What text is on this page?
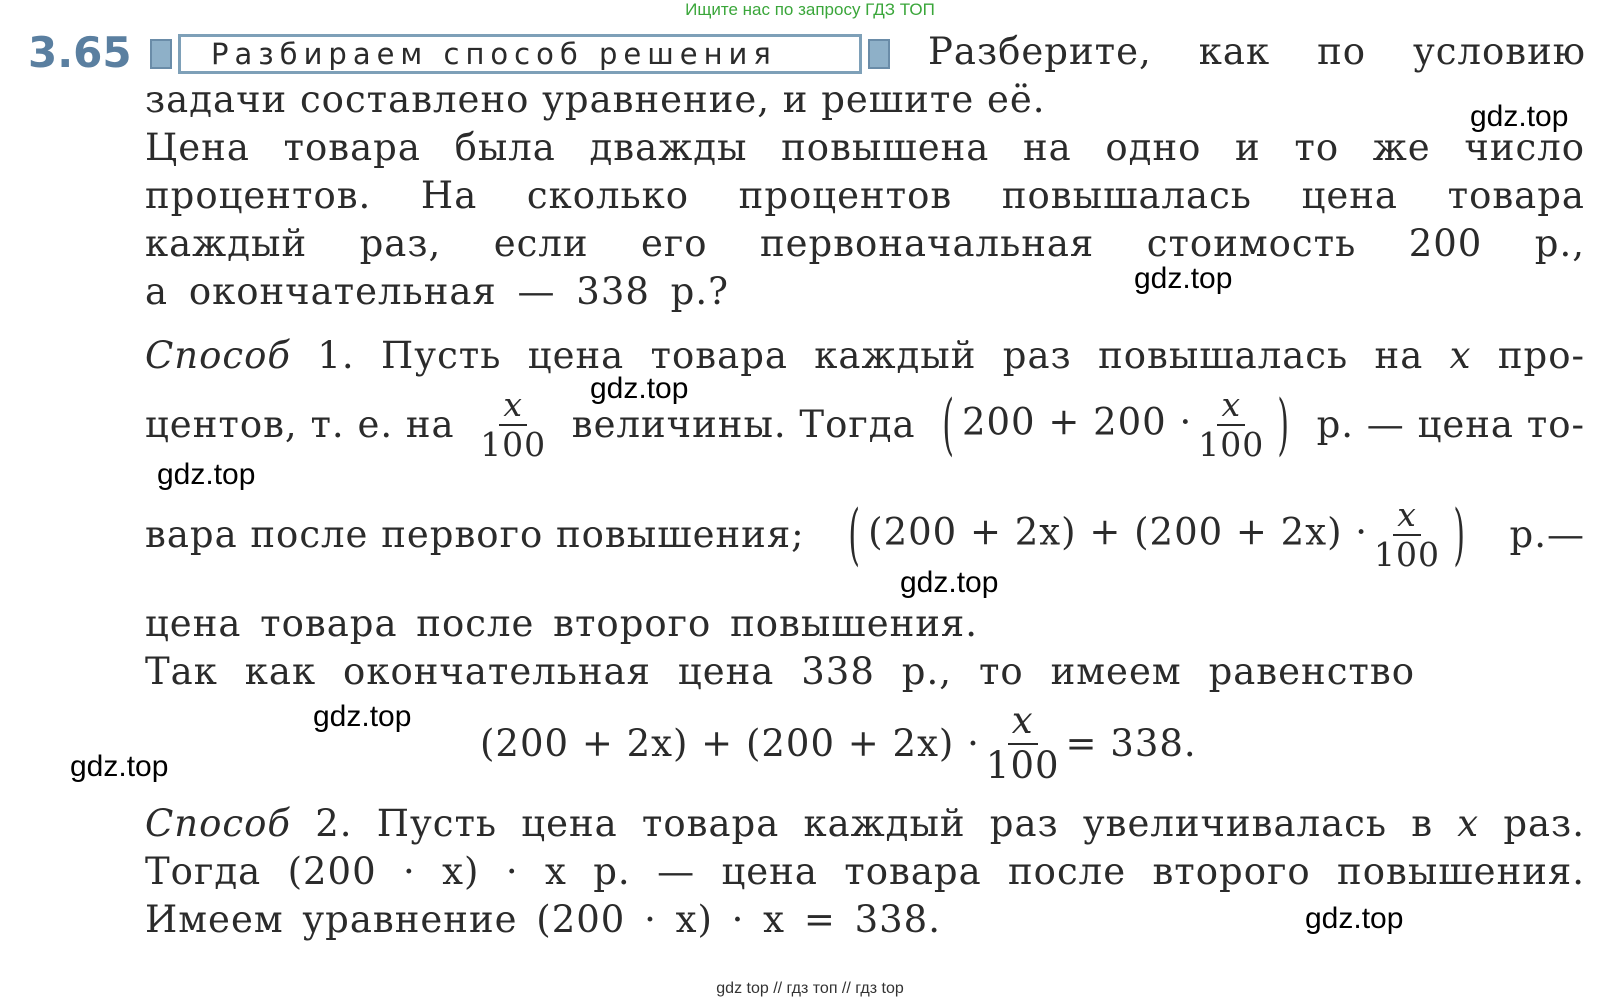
Ищите нас по запросу ГДЗ ТОП
3.65	Разбираем способ решения	Разберите, как по условию
задачи составлено уравнение, и решите её.
Цена товара была дважды повышена на одно и то же число
процентов. На сколько процентов повышалась цена товара
каждый раз, если его первоначальная стоимость 200 р.,
а окончательная — 338 р.?
Способ 1. Пусть цена товара каждый раз повышалась на x про-
центов, т. е. на $\frac{x}{100}$ величины. Тогда ( $200 + 200 \cdot \frac{x}{100}$ ) р. — цена то-
вара после первого повышения; ( $(200 + 2x) + (200 + 2x) \cdot \frac{x}{100}$ ) р.—
цена товара после второго повышения.
Так как окончательная цена 338 р., то имеем равенство
$(200 + 2x) + (200 + 2x) \cdot \frac{x}{100} = 338$.
Способ 2. Пусть цена товара каждый раз увеличивалась в x раз.
Тогда (200 · x) · x р. — цена товара после второго повышения.
Имеем уравнение (200 · x) · x = 338.
gdz.top
gdz.top
gdz.top
gdz.top
gdz.top
gdz.top
gdz.top
gdz.top
gdz top // гдз топ // гдз top
